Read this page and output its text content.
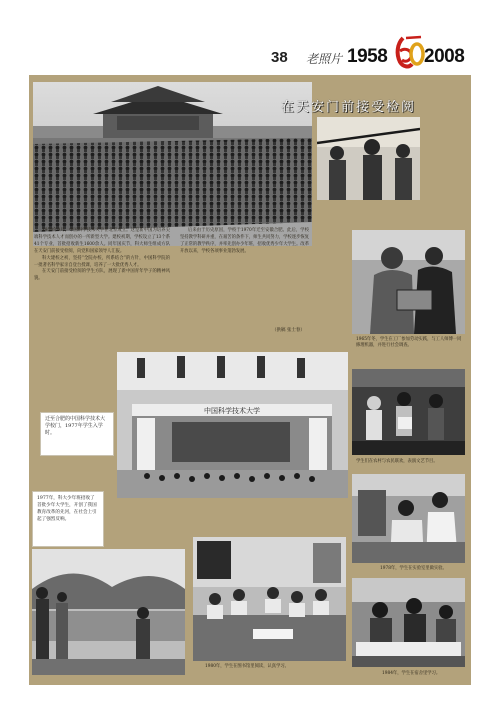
38 老照片 1958 2008
在天安门前接受检阅

1958年9月，中国科学技术大学在北京成立。这是新中国为培养尖端科学技术人才而创办的一所新型大学。建校初期，学校设立了13个系41个专业，首批招收新生1600余人。同年国庆节，科大师生组成方队在天安门前接受检阅，向党和国家领导人汇报。

科大建校之初，坚持“全院办校，所系结合”的方针，中国科学院的一批著名科学家亲自登台授课，培养了一大批优秀人才。

在天安门前接受检阅的学生方队，展现了新中国青年学子的精神风貌。

后来由于历史原因，学校于1970年迁至安徽合肥。此后，学校坚持教学科研并重，在艰苦的条件下，师生共同努力，学校逐步恢复了正常的教学秩序，并率先创办少年班，招收优秀少年大学生。改革开放以来，学校各项事业蓬勃发展。

（供稿 张士春）
1965年冬，学生在工厂参加劳动实践，与工人师傅一同修理机器，并进行社会调查。
学生们在农村与农民联欢，表演文艺节目。
中国科学技术大学
迁至合肥的中国科学技术大学校门，1977年学生入学时。
1977年，科大少年班招收了首批少年大学生，开创了我国教育改革的先河，在社会上引起了强烈反响。
1978年，学生在实验室里做实验。
1980年，学生在图书馆里阅读，认真学习。
1984年，学生在宿舍里学习。
